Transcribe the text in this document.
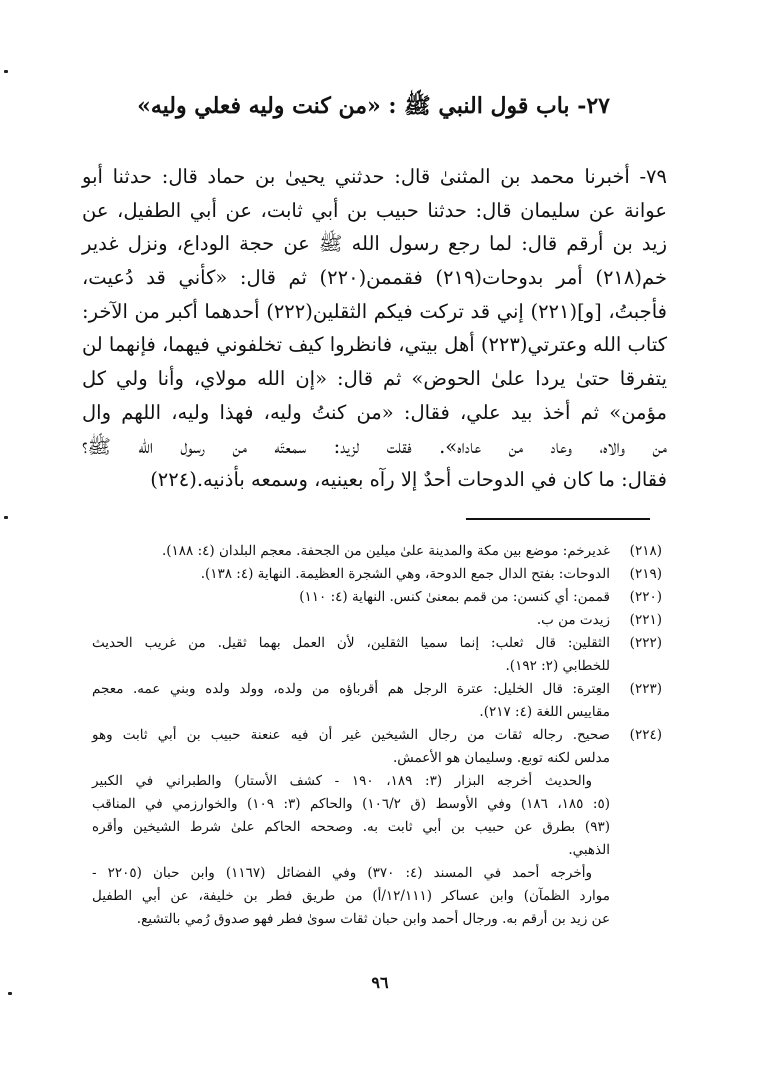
٢٧- باب قول النبي ﷺ : «من كنت وليه فعلي وليه»
٧٩- أخبرنا محمد بن المثنىٰ قال: حدثني يحيىٰ بن حماد قال: حدثنا أبو
عوانة عن سليمان قال: حدثنا حبيب بن أبي ثابت، عن أبي الطفيل، عن
زيد بن أرقم قال: لما رجع رسول الله ﷺ عن حجة الوداع، ونزل غدير
خم(٢١٨) أمر بدوحات(٢١٩) فقممن(٢٢٠) ثم قال: «كأني قد دُعيت،
فأجبتُ، [و](٢٢١) إني قد تركت فيكم الثقلين(٢٢٢) أحدهما أكبر من الآخر:
كتاب الله وعترتي(٢٢٣) أهل بيتي، فانظروا كيف تخلفوني فيهما، فإنهما لن
يتفرقا حتىٰ يردا علىٰ الحوض» ثم قال: «إن الله مولاي، وأنا ولي كل
مؤمن» ثم أخذ بيد علي، فقال: «من كنتُ وليه، فهذا وليه، اللهم وال
من والاه، وعاد من عاداه». فقلت لزيد: سمعتَه من رسول الله ﷺ؟
فقال: ما كان في الدوحات أحدٌ إلا رآه بعينيه، وسمعه بأذنيه.(٢٢٤)
(٢١٨)
غديرخم: موضع بين مكة والمدينة علىٰ ميلين من الجحفة. معجم البلدان (٤: ١٨٨).
(٢١٩)
الدوحات: بفتح الدال جمع الدوحة، وهي الشجرة العظيمة. النهاية (٤: ١٣٨).
(٢٢٠)
قممن: أي كنسن: من قمم بمعنىٰ كنس. النهاية (٤: ١١٠)
(٢٢١)
زيدت من ب.
(٢٢٢)
الثقلين: قال ثعلب: إنما سميا الثقلين، لأن العمل بهما ثقيل. من غريب الحديث
للخطابي (٢: ١٩٢).
(٢٢٣)
العِترة: قال الخليل: عترة الرجل هم أقرباؤه من ولده، وولد ولده وبني عمه. معجم
مقاييس اللغة (٤: ٢١٧).
(٢٢٤)
صحيح. رجاله ثقات من رجال الشيخين غير أن فيه عنعنة حبيب بن أبي ثابت وهو
مدلس لكنه توبع. وسليمان هو الأعمش.
والحديث أخرجه البزار (٣: ١٨٩، ١٩٠ - كشف الأستار) والطبراني في الكبير
(٥: ١٨٥، ١٨٦) وفي الأوسط (ق ١٠٦/٢) والحاكم (٣: ١٠٩) والخوارزمي في المناقب
(٩٣) بطرق عن حبيب بن أبي ثابت به. وصححه الحاكم علىٰ شرط الشيخين وأقره
الذهبي.
وأخرجه أحمد في المسند (٤: ٣٧٠) وفي الفضائل (١١٦٧) وابن حبان (٢٢٠٥ -
موارد الظمآن) وابن عساكر (١٢/١١١/أ) من طريق فطر بن خليفة، عن أبي الطفيل
عن زيد بن أرقم به. ورجال أحمد وابن حبان ثقات سوىٰ فطر فهو صدوق رُمي بالتشيع.
٩٦
